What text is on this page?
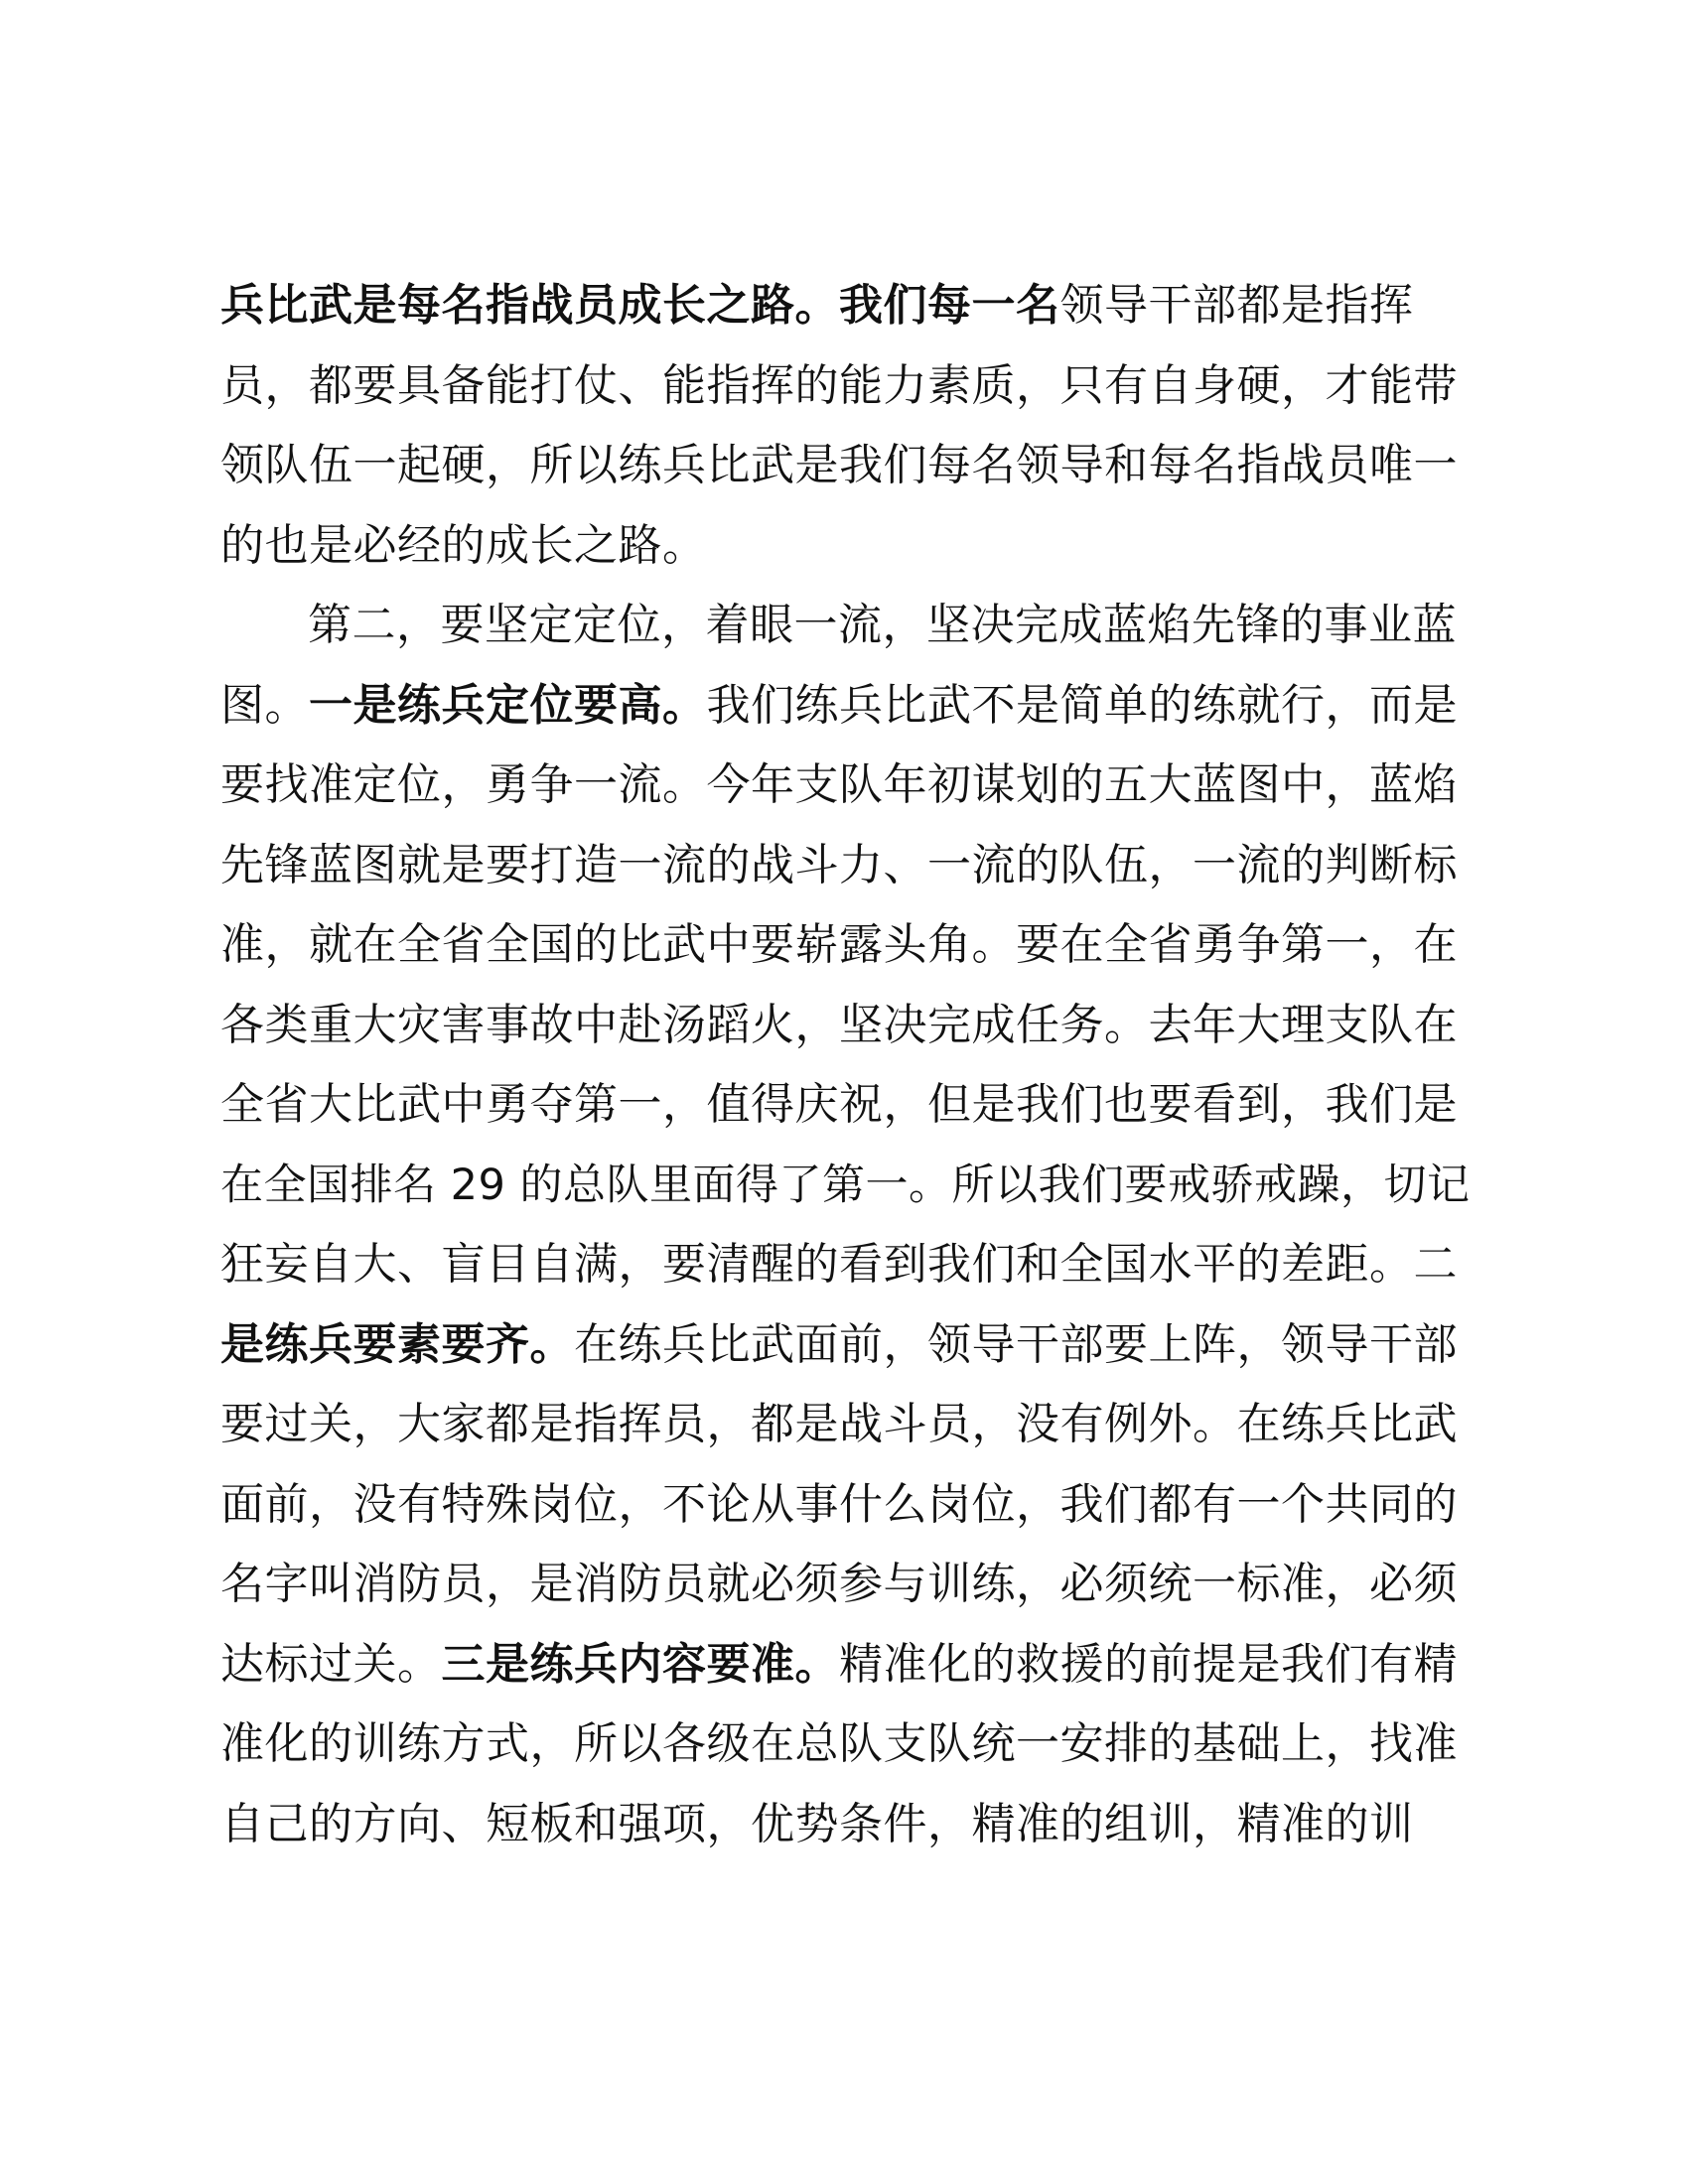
兵比武是每名指战员成长之路。我们每一名领导干部都是指挥
员，都要具备能打仗、能指挥的能力素质，只有自身硬，才能带
领队伍一起硬，所以练兵比武是我们每名领导和每名指战员唯一
的也是必经的成长之路。
第二，要坚定定位，着眼一流，坚决完成蓝焰先锋的事业蓝
图。一是练兵定位要高。我们练兵比武不是简单的练就行，而是
要找准定位，勇争一流。今年支队年初谋划的五大蓝图中，蓝焰
先锋蓝图就是要打造一流的战斗力、一流的队伍，一流的判断标
准，就在全省全国的比武中要崭露头角。要在全省勇争第一，在
各类重大灾害事故中赴汤蹈火，坚决完成任务。去年大理支队在
全省大比武中勇夺第一，值得庆祝，但是我们也要看到，我们是
在全国排名 29 的总队里面得了第一。所以我们要戒骄戒躁，切记
狂妄自大、盲目自满，要清醒的看到我们和全国水平的差距。二
是练兵要素要齐。在练兵比武面前，领导干部要上阵，领导干部
要过关，大家都是指挥员，都是战斗员，没有例外。在练兵比武
面前，没有特殊岗位，不论从事什么岗位，我们都有一个共同的
名字叫消防员，是消防员就必须参与训练，必须统一标准，必须
达标过关。三是练兵内容要准。精准化的救援的前提是我们有精
准化的训练方式，所以各级在总队支队统一安排的基础上，找准
自己的方向、短板和强项，优势条件，精准的组训，精准的训
